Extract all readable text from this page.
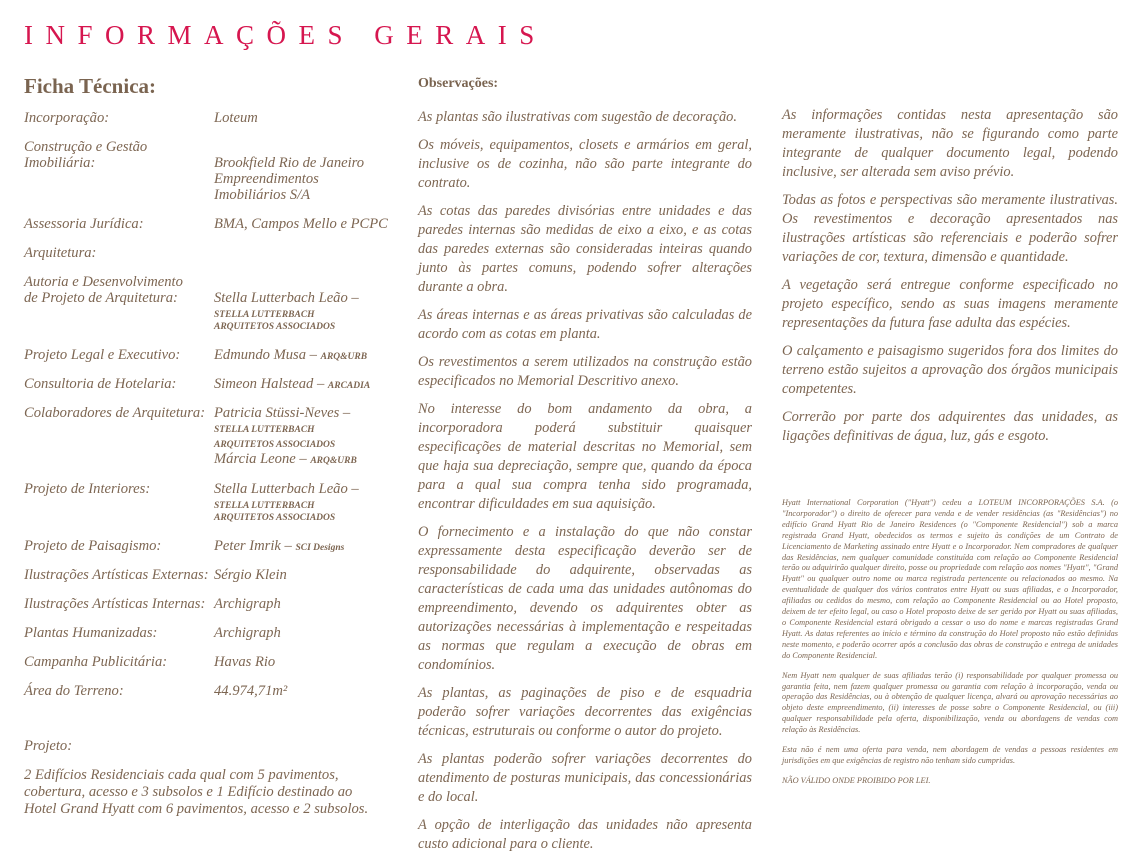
INFORMAÇÕES GERAIS
Ficha Técnica:
Incorporação:	Loteum
Construção e Gestão
Imobiliária:	Brookfield Rio de Janeiro
Empreendimentos
Imobiliários S/A
Assessoria Jurídica:	BMA, Campos Mello e PCPC
Arquitetura:
Autoria e Desenvolvimento
de Projeto de Arquitetura:	Stella Lutterbach Leão –
STELLA LUTTERBACH
ARQUITETOS ASSOCIADOS
Projeto Legal e Executivo:	Edmundo Musa – ARQ&URB
Consultoria de Hotelaria:	Simeon Halstead – ARCADIA
Colaboradores de Arquitetura: Patricia Stüssi-Neves –
STELLA LUTTERBACH
ARQUITETOS ASSOCIADOS
Márcia Leone – ARQ&URB
Projeto de Interiores:	Stella Lutterbach Leão –
STELLA LUTTERBACH
ARQUITETOS ASSOCIADOS
Projeto de Paisagismo:	Peter Imrik – SCI Designs
Ilustrações Artísticas Externas: Sérgio Klein
Ilustrações Artísticas Internas: Archigraph
Plantas Humanizadas:	Archigraph
Campanha Publicitária:	Havas Rio
Área do Terreno:	44.974,71m²

Projeto:

2 Edifícios Residenciais cada qual com 5 pavimentos,

cobertura, acesso e 3 subsolos e 1 Edifício destinado ao

Hotel Grand Hyatt com 6 pavimentos, acesso e 2 subsolos.

Observações:

As plantas são ilustrativas com sugestão de decoração.

Os móveis, equipamentos, closets e armários em geral, inclusive os de cozinha, não são parte integrante do contrato.

As cotas das paredes divisórias entre unidades e das paredes internas são medidas de eixo a eixo, e as cotas das paredes externas são consideradas inteiras quando junto às partes comuns, podendo sofrer alterações durante a obra.

As áreas internas e as áreas privativas são calculadas de acordo com as cotas em planta.

Os revestimentos a serem utilizados na construção estão especificados no Memorial Descritivo anexo.

No interesse do bom andamento da obra, a incorporadora poderá substituir quaisquer especificações de material descritas no Memorial, sem que haja sua depreciação, sempre que, quando da época para a qual sua compra tenha sido programada, encontrar dificuldades em sua aquisição.

O fornecimento e a instalação do que não constar expressamente desta especificação deverão ser de responsabilidade do adquirente, observadas as características de cada uma das unidades autônomas do empreendimento, devendo os adquirentes obter as autorizações necessárias à implementação e respeitadas as normas que regulam a execução de obras em condomínios.

As plantas, as paginações de piso e de esquadria poderão sofrer variações decorrentes das exigências técnicas, estruturais ou conforme o autor do projeto.

As plantas poderão sofrer variações decorrentes do atendimento de posturas municipais, das concessionárias e do local.

A opção de interligação das unidades não apresenta custo adicional para o cliente.

As informações contidas nesta apresentação são meramente ilustrativas, não se figurando como parte integrante de qualquer documento legal, podendo inclusive, ser alterada sem aviso prévio.

Todas as fotos e perspectivas são meramente ilustrativas. Os revestimentos e decoração apresentados nas ilustrações artísticas são referenciais e poderão sofrer variações de cor, textura, dimensão e quantidade.

A vegetação será entregue conforme especificado no projeto específico, sendo as suas imagens meramente representações da futura fase adulta das espécies.

O calçamento e paisagismo sugeridos fora dos limites do terreno estão sujeitos a aprovação dos órgãos municipais competentes.

Correrão por parte dos adquirentes das unidades, as ligações definitivas de água, luz, gás e esgoto.

Hyatt International Corporation ("Hyatt") cedeu a LOTEUM INCORPORAÇÕES S.A. (o "Incorporador") o direito de oferecer para venda e de vender residências (as "Residências") no edifício Grand Hyatt Rio de Janeiro Residences (o "Componente Residencial") sob a marca registrada Grand Hyatt, obedecidos os termos e sujeito às condições de um Contrato de Licenciamento de Marketing assinado entre Hyatt e o Incorporador. Nem compradores de qualquer das Residências, nem qualquer comunidade constituída com relação ao Componente Residencial terão ou adquirirão qualquer direito, posse ou propriedade com relação aos nomes "Hyatt", "Grand Hyatt" ou qualquer outro nome ou marca registrada pertencente ou relacionados ao mesmo. Na eventualidade de qualquer dos vários contratos entre Hyatt ou suas afiliadas, e o Incorporador, afiliadas ou cedidos do mesmo, com relação ao Componente Residencial ou ao Hotel proposto, deixem de ter efeito legal, ou caso o Hotel proposto deixe de ser gerido por Hyatt ou suas afiliadas, o Componente Residencial estará obrigado a cessar o uso do nome e marcas registradas Grand Hyatt. As datas referentes ao início e término da construção do Hotel proposto não estão definidas neste momento, e poderão ocorrer após a conclusão das obras de construção e entrega de unidades do Componente Residencial.

Nem Hyatt nem qualquer de suas afiliadas terão (i) responsabilidade por qualquer promessa ou garantia feita, nem fazem qualquer promessa ou garantia com relação à incorporação, venda ou operação das Residências, ou à obtenção de qualquer licença, alvará ou aprovação necessárias ao objeto deste empreendimento, (ii) interesses de posse sobre o Componente Residencial, ou (iii) qualquer responsabilidade pela oferta, disponibilização, venda ou abordagens de vendas com relação às Residências.

Esta não é nem uma oferta para venda, nem abordagem de vendas a pessoas residentes em jurisdições em que exigências de registro não tenham sido cumpridas.

NÃO VÁLIDO ONDE PROIBIDO POR LEI.
